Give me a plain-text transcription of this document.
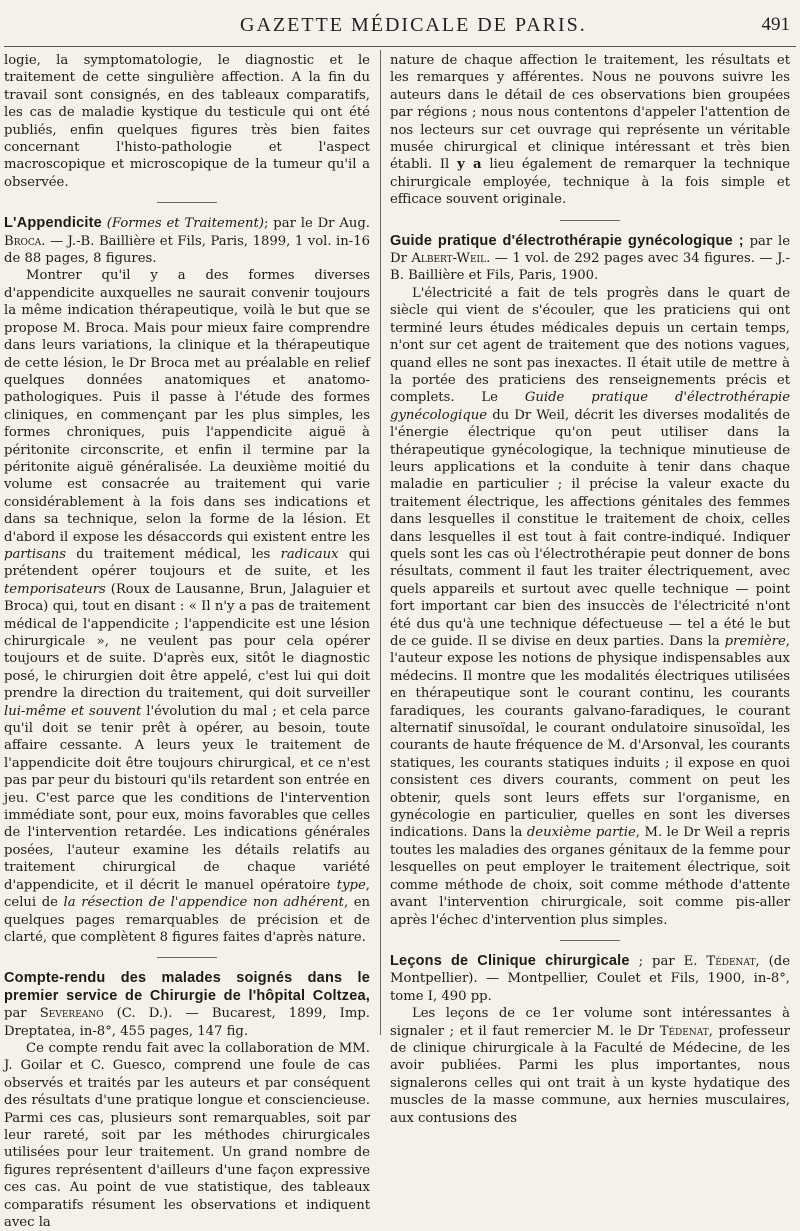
GAZETTE MÉDICALE DE PARIS.	491

logie, la symptomatologie, le diagnostic et le traitement de cette singulière affection. A la fin du travail sont consignés, en des tableaux comparatifs, les cas de maladie kystique du testicule qui ont été publiés, enfin quelques figures très bien faites concernant l'histo-pathologie et l'aspect macroscopique et microscopique de la tumeur qu'il a observée.

L'Appendicite (Formes et Traitement); par le Dr Aug. Broca. — J.-B. Baillière et Fils, Paris, 1899, 1 vol. in-16 de 88 pages, 8 figures.

Montrer qu'il y a des formes diverses d'appendicite auxquelles ne saurait convenir toujours la même indication thérapeutique, voilà le but que se propose M. Broca. Mais pour mieux faire comprendre dans leurs variations, la clinique et la thérapeutique de cette lésion, le Dr Broca met au préalable en relief quelques données anatomiques et anatomo-pathologiques. Puis il passe à l'étude des formes cliniques, en commençant par les plus simples, les formes chroniques, puis l'appendicite aiguë à péritonite circonscrite, et enfin il termine par la péritonite aiguë généralisée. La deuxième moitié du volume est consacrée au traitement qui varie considérablement à la fois dans ses indications et dans sa technique, selon la forme de la lésion. Et d'abord il expose les désaccords qui existent entre les partisans du traitement médical, les radicaux qui prétendent opérer toujours et de suite, et les temporisateurs (Roux de Lausanne, Brun, Jalaguier et Broca) qui, tout en disant : « Il n'y a pas de traitement médical de l'appendicite ; l'appendicite est une lésion chirurgicale », ne veulent pas pour cela opérer toujours et de suite. D'après eux, sitôt le diagnostic posé, le chirurgien doit être appelé, c'est lui qui doit prendre la direction du traitement, qui doit surveiller lui-même et souvent l'évolution du mal ; et cela parce qu'il doit se tenir prêt à opérer, au besoin, toute affaire cessante. A leurs yeux le traitement de l'appendicite doit être toujours chirurgical, et ce n'est pas par peur du bistouri qu'ils retardent son entrée en jeu. C'est parce que les conditions de l'intervention immédiate sont, pour eux, moins favorables que celles de l'intervention retardée. Les indications générales posées, l'auteur examine les détails relatifs au traitement chirurgical de chaque variété d'appendicite, et il décrit le manuel opératoire type, celui de la résection de l'appendice non adhérent, en quelques pages remarquables de précision et de clarté, que complètent 8 figures faites d'après nature.

Compte-rendu des malades soignés dans le premier service de Chirurgie de l'hôpital Coltzea, par Severeano (C. D.). — Bucarest, 1899, Imp. Dreptatea, in-8°, 455 pages, 147 fig.

Ce compte rendu fait avec la collaboration de MM. J. Goilar et C. Guesco, comprend une foule de cas observés et traités par les auteurs et par conséquent des résultats d'une pratique longue et consciencieuse. Parmi ces cas, plusieurs sont remarquables, soit par leur rareté, soit par les méthodes chirurgicales utilisées pour leur traitement. Un grand nombre de figures représentent d'ailleurs d'une façon expressive ces cas. Au point de vue statistique, des tableaux comparatifs résument les observations et indiquent avec la

nature de chaque affection le traitement, les résultats et les remarques y afférentes. Nous ne pouvons suivre les auteurs dans le détail de ces observations bien groupées par régions ; nous nous contentons d'appeler l'attention de nos lecteurs sur cet ouvrage qui représente un véritable musée chirurgical et clinique intéressant et très bien établi. Il y a lieu également de remarquer la technique chirurgicale employée, technique à la fois simple et efficace souvent originale.

Guide pratique d'électrothérapie gynécologique ; par le Dr Albert-Weil. — 1 vol. de 292 pages avec 34 figures. — J.-B. Baillière et Fils, Paris, 1900.

L'électricité a fait de tels progrès dans le quart de siècle qui vient de s'écouler, que les praticiens qui ont terminé leurs études médicales depuis un certain temps, n'ont sur cet agent de traitement que des notions vagues, quand elles ne sont pas inexactes. Il était utile de mettre à la portée des praticiens des renseignements précis et complets. Le Guide pratique d'électrothérapie gynécologique du Dr Weil, décrit les diverses modalités de l'énergie électrique qu'on peut utiliser dans la thérapeutique gynécologique, la technique minutieuse de leurs applications et la conduite à tenir dans chaque maladie en particulier ; il précise la valeur exacte du traitement électrique, les affections génitales des femmes dans lesquelles il constitue le traitement de choix, celles dans lesquelles il est tout à fait contre-indiqué. Indiquer quels sont les cas où l'électrothérapie peut donner de bons résultats, comment il faut les traiter électriquement, avec quels appareils et surtout avec quelle technique — point fort important car bien des insuccès de l'électricité n'ont été dus qu'à une technique défectueuse — tel a été le but de ce guide. Il se divise en deux parties. Dans la première, l'auteur expose les notions de physique indispensables aux médecins. Il montre que les modalités électriques utilisées en thérapeutique sont le courant continu, les courants faradiques, les courants galvano-faradiques, le courant alternatif sinusoïdal, le courant ondulatoire sinusoïdal, les courants de haute fréquence de M. d'Arsonval, les courants statiques, les courants statiques induits ; il expose en quoi consistent ces divers courants, comment on peut les obtenir, quels sont leurs effets sur l'organisme, en gynécologie en particulier, quelles en sont les diverses indications. Dans la deuxième partie, M. le Dr Weil a repris toutes les maladies des organes génitaux de la femme pour lesquelles on peut employer le traitement électrique, soit comme méthode de choix, soit comme méthode d'attente avant l'intervention chirurgicale, soit comme pis-aller après l'échec d'intervention plus simples.

Leçons de Clinique chirurgicale ; par E. Tédenat, (de Montpellier). — Montpellier, Coulet et Fils, 1900, in-8°, tome I, 490 pp.

Les leçons de ce 1er volume sont intéressantes à signaler ; et il faut remercier M. le Dr Tédenat, professeur de clinique chirurgicale à la Faculté de Médecine, de les avoir publiées. Parmi les plus importantes, nous signalerons celles qui ont trait à un kyste hydatique des muscles de la masse commune, aux hernies musculaires, aux contusions des
